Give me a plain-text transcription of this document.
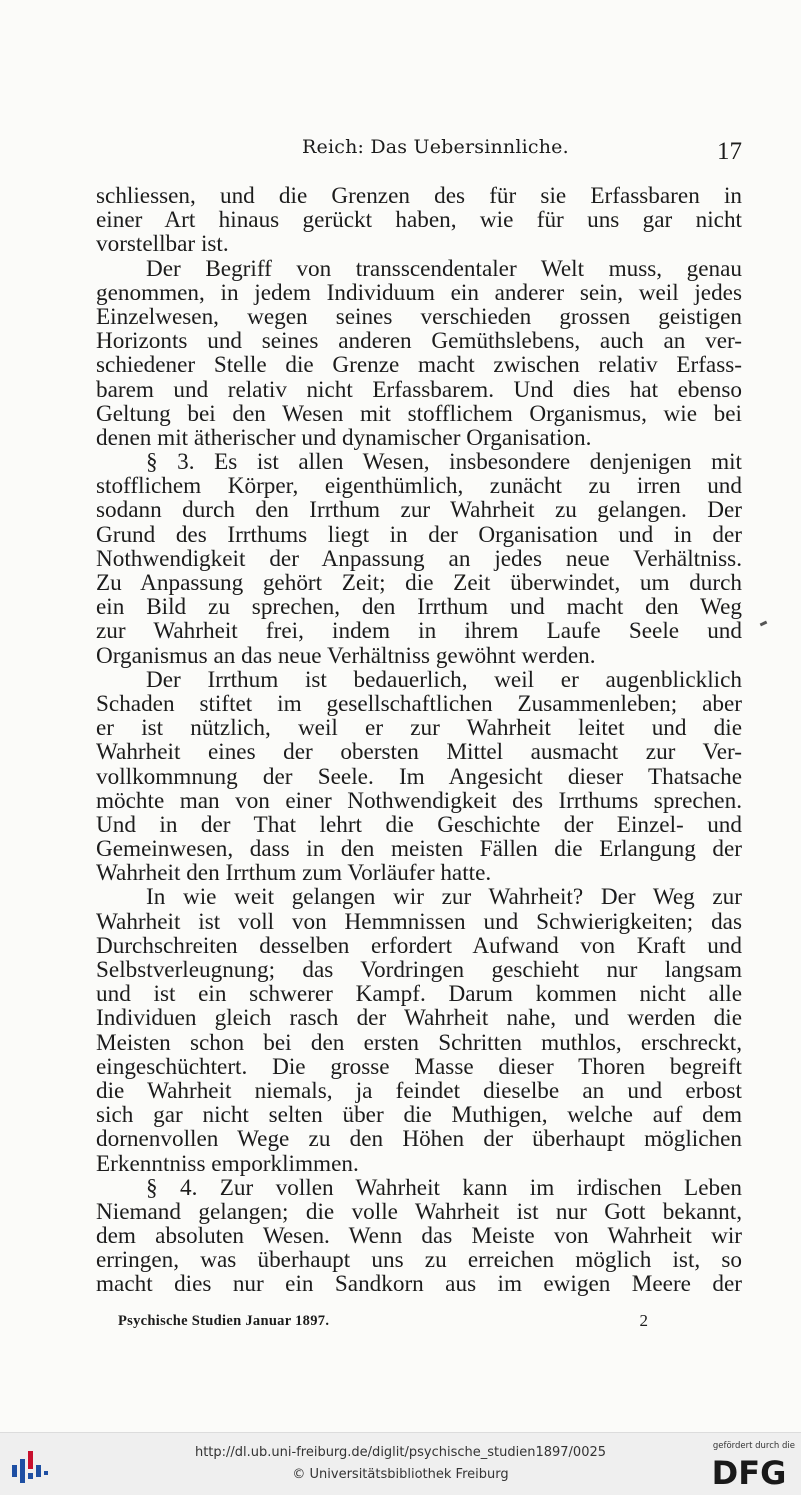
Reich: Das Uebersinnliche.	17
schliessen, und die Grenzen des für sie Erfassbaren in
einer Art hinaus gerückt haben, wie für uns gar nicht
vorstellbar ist.
Der Begriff von transscendentaler Welt muss, genau
genommen, in jedem Individuum ein anderer sein, weil jedes
Einzelwesen, wegen seines verschieden grossen geistigen
Horizonts und seines anderen Gemüthslebens, auch an ver-
schiedener Stelle die Grenze macht zwischen relativ Erfass-
barem und relativ nicht Erfassbarem. Und dies hat ebenso
Geltung bei den Wesen mit stofflichem Organismus, wie bei
denen mit ätherischer und dynamischer Organisation.
§ 3. Es ist allen Wesen, insbesondere denjenigen mit
stofflichem Körper, eigenthümlich, zunächt zu irren und
sodann durch den Irrthum zur Wahrheit zu gelangen. Der
Grund des Irrthums liegt in der Organisation und in der
Nothwendigkeit der Anpassung an jedes neue Verhältniss.
Zu Anpassung gehört Zeit; die Zeit überwindet, um durch
ein Bild zu sprechen, den Irrthum und macht den Weg
zur Wahrheit frei, indem in ihrem Laufe Seele und
Organismus an das neue Verhältniss gewöhnt werden.
Der Irrthum ist bedauerlich, weil er augenblicklich
Schaden stiftet im gesellschaftlichen Zusammenleben; aber
er ist nützlich, weil er zur Wahrheit leitet und die
Wahrheit eines der obersten Mittel ausmacht zur Ver-
vollkommnung der Seele. Im Angesicht dieser Thatsache
möchte man von einer Nothwendigkeit des Irrthums sprechen.
Und in der That lehrt die Geschichte der Einzel- und
Gemeinwesen, dass in den meisten Fällen die Erlangung der
Wahrheit den Irrthum zum Vorläufer hatte.
In wie weit gelangen wir zur Wahrheit? Der Weg zur
Wahrheit ist voll von Hemmnissen und Schwierigkeiten; das
Durchschreiten desselben erfordert Aufwand von Kraft und
Selbstverleugnung; das Vordringen geschieht nur langsam
und ist ein schwerer Kampf. Darum kommen nicht alle
Individuen gleich rasch der Wahrheit nahe, und werden die
Meisten schon bei den ersten Schritten muthlos, erschreckt,
eingeschüchtert. Die grosse Masse dieser Thoren begreift
die Wahrheit niemals, ja feindet dieselbe an und erbost
sich gar nicht selten über die Muthigen, welche auf dem
dornenvollen Wege zu den Höhen der überhaupt möglichen
Erkenntniss emporklimmen.
§ 4. Zur vollen Wahrheit kann im irdischen Leben
Niemand gelangen; die volle Wahrheit ist nur Gott bekannt,
dem absoluten Wesen. Wenn das Meiste von Wahrheit wir
erringen, was überhaupt uns zu erreichen möglich ist, so
macht dies nur ein Sandkorn aus im ewigen Meere der
Psychische Studien Januar 1897.	2
http://dl.ub.uni-freiburg.de/diglit/psychische_studien1897/0025
© Universitätsbibliothek Freiburg
gefördert durch die
DFG
